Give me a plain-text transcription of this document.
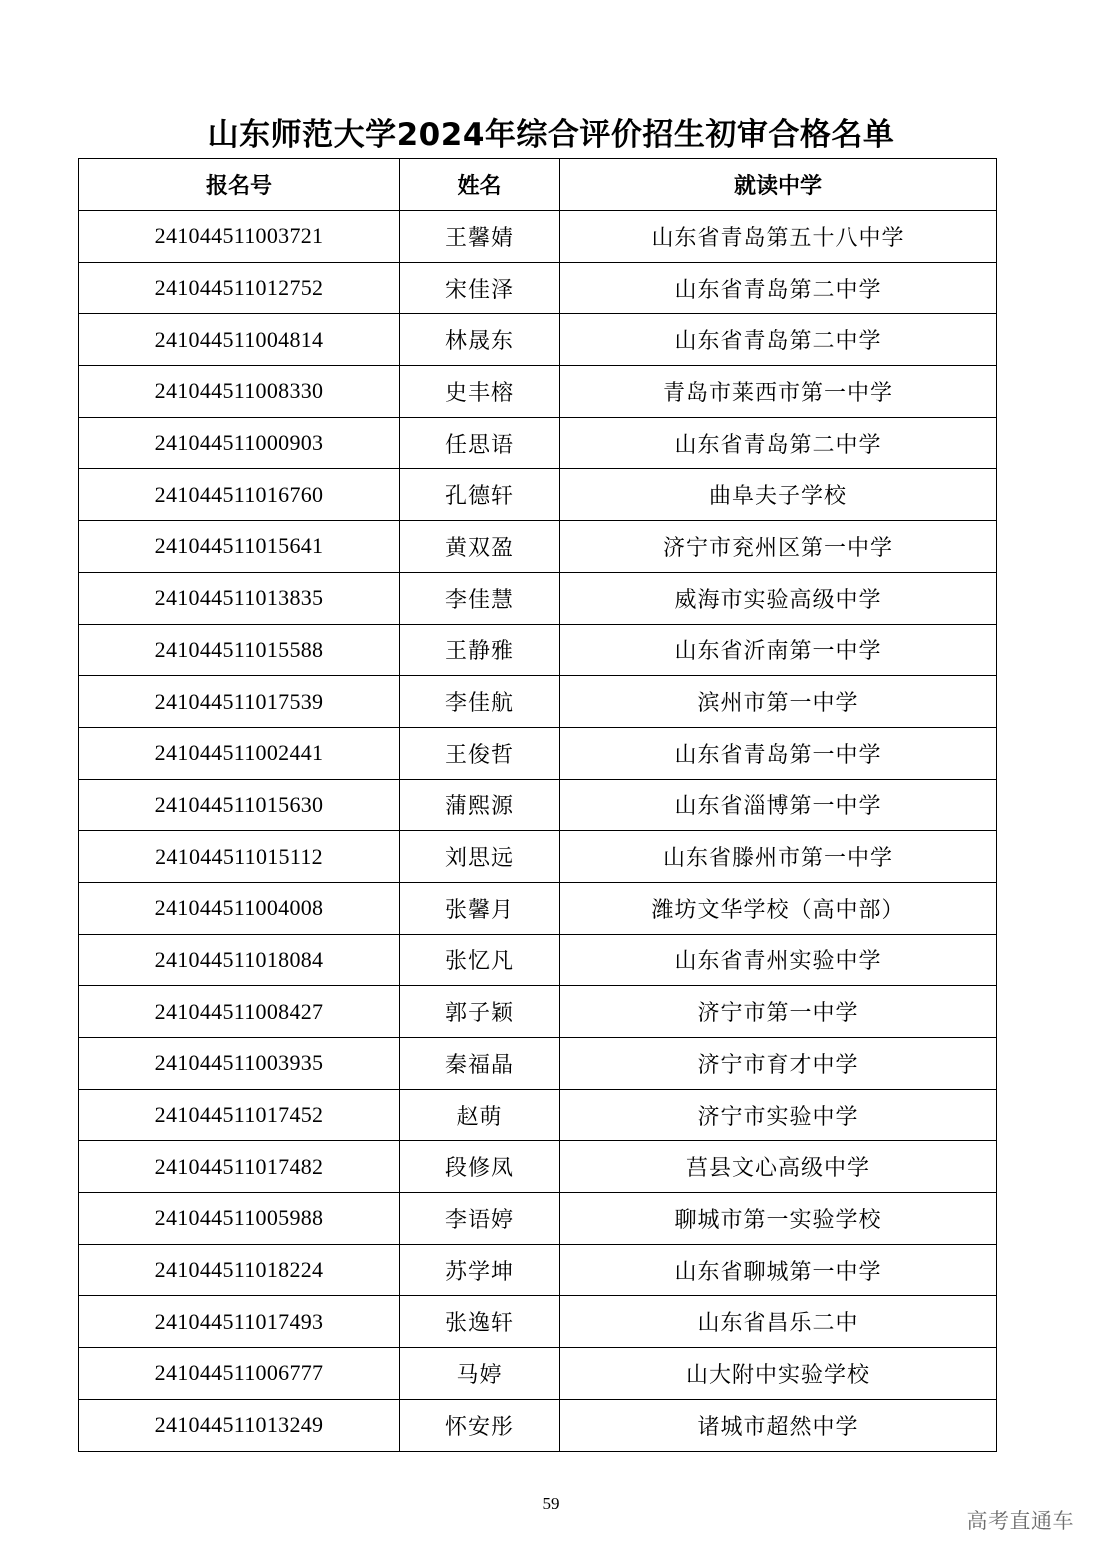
山东师范大学2024年综合评价招生初审合格名单
报名号	姓名	就读中学
241044511003721	王馨婧	山东省青岛第五十八中学
241044511012752	宋佳泽	山东省青岛第二中学
241044511004814	林晟东	山东省青岛第二中学
241044511008330	史丰榕	青岛市莱西市第一中学
241044511000903	任思语	山东省青岛第二中学
241044511016760	孔德轩	曲阜夫子学校
241044511015641	黄双盈	济宁市兖州区第一中学
241044511013835	李佳慧	威海市实验高级中学
241044511015588	王静雅	山东省沂南第一中学
241044511017539	李佳航	滨州市第一中学
241044511002441	王俊哲	山东省青岛第一中学
241044511015630	蒲熙源	山东省淄博第一中学
241044511015112	刘思远	山东省滕州市第一中学
241044511004008	张馨月	潍坊文华学校（高中部）
241044511018084	张忆凡	山东省青州实验中学
241044511008427	郭子颖	济宁市第一中学
241044511003935	秦福晶	济宁市育才中学
241044511017452	赵萌	济宁市实验中学
241044511017482	段修凤	莒县文心高级中学
241044511005988	李语婷	聊城市第一实验学校
241044511018224	苏学坤	山东省聊城第一中学
241044511017493	张逸轩	山东省昌乐二中
241044511006777	马婷	山大附中实验学校
241044511013249	怀安彤	诸城市超然中学
59
高考直通车
